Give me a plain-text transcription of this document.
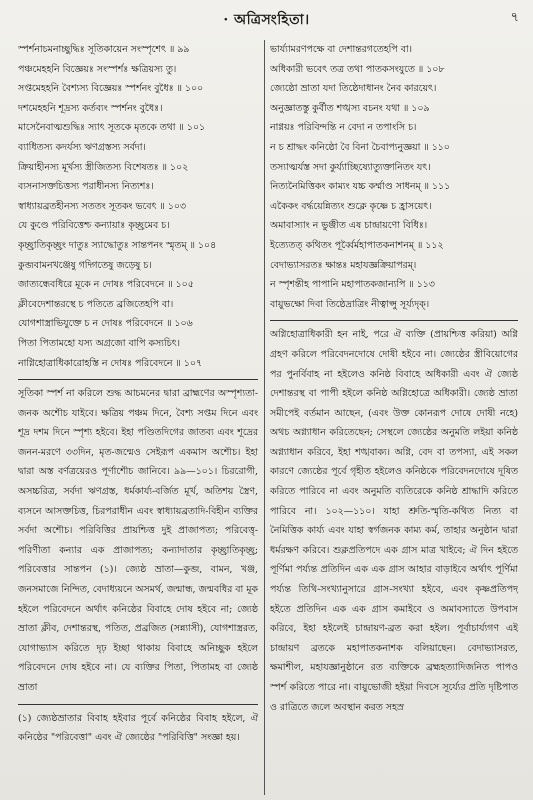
· অত্রিসংহিতা।	৭
স্পর্শনাচমনাচ্ছুদ্ধিঃ সূতিকায়েন সংস্পৃশেৎ ॥ ৯৯
পঞ্চমেহহনি বিজ্ঞেয়ঃ সংস্পর্শঃ ক্ষত্রিয়স্য তু।
সপ্তমেহহনি বৈশ্যস্য বিজ্ঞেয়ঃ স্পর্শনং বুধৈঃ ॥ ১০০
দশমেহহনি শূদ্রস্য কর্তব্যং স্পর্শনং বুধৈঃ।
মাসেনৈবাত্মশুদ্ধিঃ স্যাৎ সূতকে মৃতকে তথা ॥ ১০১
ব্যাধিতস্য কদর্যস্য ঋণগ্রস্তস্য সর্বদা।
ক্রিয়াহীনস্য মূর্খস্য স্ত্রীজিতস্য বিশেষতঃ ॥ ১০২
ব্যসনাসক্তচিত্তস্য পরাধীনস্য নিত্যশঃ।
স্বাধ্যায়ব্রতহীনস্য সততং সূতকং ভবেৎ ॥ ১০৩
যে কুণ্ডে পরিবিত্তেশ্চ কন্যায়াঃ কৃচ্ছ্রমেব চ।
কৃচ্ছ্রাতিকৃচ্ছ্রং দাতুঃ স্যাদ্ধোতুঃ সান্তপনং স্মৃতম্ ॥ ১০৪
কুব্জবামনখঞ্জেষু গদ্গিতেষু জড়েষু চ।
জাত্যন্ধেবধিরে মূকে ন দোষঃ পরিবেদনে ॥ ১০৫
ক্লীবেদেশান্তরস্থে চ পতিতে ব্রজিতেহপি বা।
যোগশাস্ত্রাভিযুক্তে চ ন দোষঃ পরিবেদনে ॥ ১০৬
পিতা পিতামহো যস্য অগ্রজো বাপি কস্যচিৎ।
নাগ্নিহোত্রাধিকারোহস্তি ন দোষঃ পরিবেদনে ॥ ১০৭

সূতিকা স্পর্শ না করিলে শুদ্ধ আচমনের দ্বারা ব্রাহ্মণের অস্পৃশ্যতা-জনক অশৌচ যাইবে। ক্ষত্রিয় পঞ্চম দিনে, বৈশ্য সপ্তম দিনে এবং শূদ্র দশম দিনে স্পৃশ্য হইবে। ইহা পণ্ডিতদিগের জাতব্য এবং শূদ্রের জনন-মরণে ৩৩দিন, মৃত-জন্মেও সেইরূপ একমাস অশৌচ। ইহা দ্বারা অস্ত বর্ণত্রয়েরও পূর্ণাশৌচ জানিবে। ৯৯—১০১। চিররোগী, অসচ্চরিত্র, সর্বদা ঋণগ্রস্ত, ধর্মকার্য্য-বর্জিত মূর্খ, অতিশয় স্ত্রৈণ, ব্যসনে আসক্তচিত্ত, চিরপরাধীন এবং স্বাধ্যায়ব্রতাদি-বিহীন ব্যক্তির সর্বদা অশৌচ। পরিবিত্তির প্রায়শ্চিত্ত দুই প্রাজাপত্য; পরিবেত্তৃ-পরিণীতা কন্যার এক প্রাজাপত্য; কন্যাদাতার কৃচ্ছ্রাতিকৃচ্ছ্র; পরিবেত্তার সান্তপন (১)। জ্যেষ্ঠ ভ্রাতা—কুব্জ, বামন, খঞ্জ, জনসমাজে নিন্দিত, বেদাধ্যয়নে অসমর্থ, জন্মান্ধ, জন্মবধির বা মূক হইলে পরিবেদনে অর্থাৎ কনিষ্ঠের বিবাহে দোষ হইবে না; জ্যেষ্ঠ ভ্রাতা ক্লীব, দেশান্তরস্থ, পতিত, প্রব্রজিত (সন্ন্যাসী), যোগশাস্ত্ররত, যোগাভ্যাস করিতে দৃঢ় ইচ্ছা থাকায় বিবাহে অনিচ্ছুক হইলে পরিবেদনে দোষ হইবে না। যে ব্যক্তির পিতা, পিতামহ বা জ্যেষ্ঠ ভ্রাতা

(১) জ্যেষ্ঠভ্রাতার বিবাহ হইবার পূর্বে কনিষ্ঠের বিবাহ হইলে, ঐ কনিষ্ঠের "পরিবেত্তা" এবং ঐ জ্যেষ্ঠের "পরিবিত্তি" সংজ্ঞা হয়।
ভার্য্যামরণপক্ষে বা দেশান্তরগতেহপি বা।
অধিকারী ভবেৎ তত্র তথা পাতকসংযুতে ॥ ১০৮
জ্যেষ্ঠো ভ্রাতা যদা তিষ্ঠেদাধানং নৈব কারয়েৎ।
অনুজ্ঞাতস্তু কুর্বীত শঙ্খস্য বচনং যথা ॥ ১০৯
নাগ্নয়ঃ পরিবিন্দন্তি ন বেদা ন তপাংসি চ।
ন চ শ্রাদ্ধং কনিষ্ঠো বৈ বিনা চৈবাপ্যনুজ্ঞয়া ॥ ১১০
তস্যাত্মর্যস্ত সদা কুর্য্যাচ্ছিষ্যোত্যুক্তানিতং যৎ।
নিত্যনৈমিত্তিকং কাম্যং যচ্চ কর্ম্মাণ্ড সাধনম্ ॥ ১১১
একৈকং বর্দ্ধয়েন্নিত্যং শুক্লে কৃষ্ণে চ হ্রাসয়েৎ।
অমাবাস্যাং ন ভুঞ্জীত এষ চান্দ্রায়ণো বিধিঃ।
ইত্যেতত্ কথিতং পূর্ব্বৈর্মহাপাতকনাশনম্ ॥ ১১২
বেদাভ্যাসরতঃ ক্ষান্তঃ মহাযজ্ঞক্রিয়াপরম্।
ন স্পৃশন্তীহ পাপানি মহাপাতকজান্যপি ॥ ১১৩
বায়ুভক্ষো দিবা তিষ্ঠেদ্রাত্রিং নীত্বাপ্সু সূর্য্যদৃক্।

অগ্নিহোত্রাধিকারী হন নাই, পরে ঐ ব্যক্তি (প্রায়শ্চিত্ত করিয়া) অগ্নি গ্রহণ করিলে পরিবেদনদোষে দোষী হইবে না। জ্যেষ্ঠের স্ত্রীবিয়োগের পর পুনর্বিবাহ না হইলেও কনিষ্ঠ বিবাহে অধিকারী এবং ঐ জ্যেষ্ঠ দেশান্তরস্থ বা পাপী হইলে কনিষ্ঠ অগ্নিহোত্রে অধিকারী। জ্যেষ্ঠ ভ্রাতা সমীপেই বর্তমান আছেন, (এবং উক্ত কোনরূপ দোষে দোষী নহে) অথচ অগ্ন্যাধান করিতেছেন; সেস্থলে জ্যেষ্ঠের অনুমতি লইয়া কনিষ্ঠ অগ্ন্যাধান করিবে, ইহা শঙ্খবাক্য। অগ্নি, বেদ বা তপস্যা, এই সকল কারণে জ্যেষ্ঠের পূর্বে গৃহীত হইলেও কনিষ্ঠকে পরিবেদনদোষে দূষিত করিতে পারিবে না এবং অনুমতি ব্যতিরেকে কনিষ্ঠ শ্রাদ্ধাদি করিতে পারিবে না। ১০২—১১০। যাহা শ্রুতি-স্মৃতি-কথিত নিত্য বা নৈমিত্তিক কার্য্য এবং যাহা স্বর্গজনক কাম্য কর্ম, তাহার অনুষ্ঠান দ্বারা ধর্মরক্ষণ করিবে। শুক্লপ্রতিপদে এক গ্রাস মাত্র খাইবে; ঐ দিন হইতে পূর্ণিমা পর্য্যন্ত প্রতিদিন এক এক গ্রাস আহার বাড়াইবে অর্থাৎ পূর্ণিমা পর্য্যন্ত তিথি-সংখ্যানুসারে গ্রাস-সংখ্যা হইবে, এবং কৃষ্ণপ্রতিপদ্ হইতে প্রতিদিন এক এক গ্রাস কমাইবে ও অমাবস্যাতে উপবাস করিবে, ইহা হইলেই চান্দ্রায়ণ-ব্রত করা হইল। পূর্বাচার্য্যগণ এই চান্দ্রায়ণ ব্রতকে মহাপাতকনাশক বলিয়াছেন। বেদাভ্যাসরত, ক্ষমাশীল, মহাযজ্ঞানুষ্ঠানে রত ব্যক্তিকে ব্রহ্মহত্যাদিজনিত পাপও স্পর্শ করিতে পারে না। বায়ুভোজী হইয়া দিবসে সূর্য্যের প্রতি দৃষ্টিপাত ও রাত্রিতে জলে অবস্থান করত সহস্র
